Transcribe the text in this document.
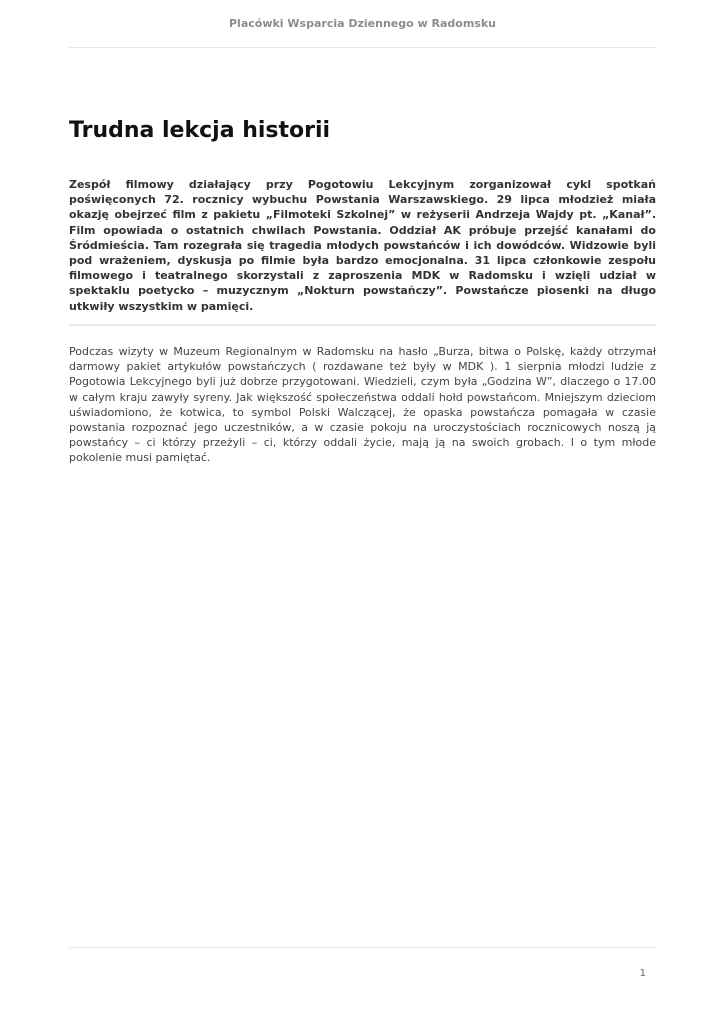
Placówki Wsparcia Dziennego w Radomsku
Trudna lekcja historii

Zespół filmowy działający przy Pogotowiu Lekcyjnym zorganizował cykl spotkań poświęconych 72. rocznicy wybuchu Powstania Warszawskiego. 29 lipca młodzież miała okazję obejrzeć film z pakietu „Filmoteki Szkolnej” w reżyserii Andrzeja Wajdy pt. „Kanał”. Film opowiada o ostatnich chwilach Powstania. Oddział AK próbuje przejść kanałami do Śródmieścia. Tam rozegrała się tragedia młodych powstańców i ich dowódców. Widzowie byli pod wrażeniem, dyskusja po filmie była bardzo emocjonalna. 31 lipca członkowie zespołu filmowego i teatralnego skorzystali z zaproszenia MDK w Radomsku i wzięli udział w spektaklu poetycko – muzycznym „Nokturn powstańczy”. Powstańcze piosenki na długo utkwiły wszystkim w pamięci.

Podczas wizyty w Muzeum Regionalnym w Radomsku na hasło „Burza, bitwa o Polskę, każdy otrzymał darmowy pakiet artykułów powstańczych ( rozdawane też były w MDK ). 1 sierpnia młodzi ludzie z Pogotowia Lekcyjnego byli już dobrze przygotowani. Wiedzieli, czym była „Godzina W”, dlaczego o 17.00 w całym kraju zawyły syreny. Jak większość społeczeństwa oddali hołd powstańcom. Mniejszym dzieciom uświadomiono, że kotwica, to symbol Polski Walczącej, że opaska powstańcza pomagała w czasie powstania rozpoznać jego uczestników, a w czasie pokoju na uroczystościach rocznicowych noszą ją powstańcy – ci którzy przeżyli – ci, którzy oddali życie, mają ją na swoich grobach. I o tym młode pokolenie musi pamiętać.

1
